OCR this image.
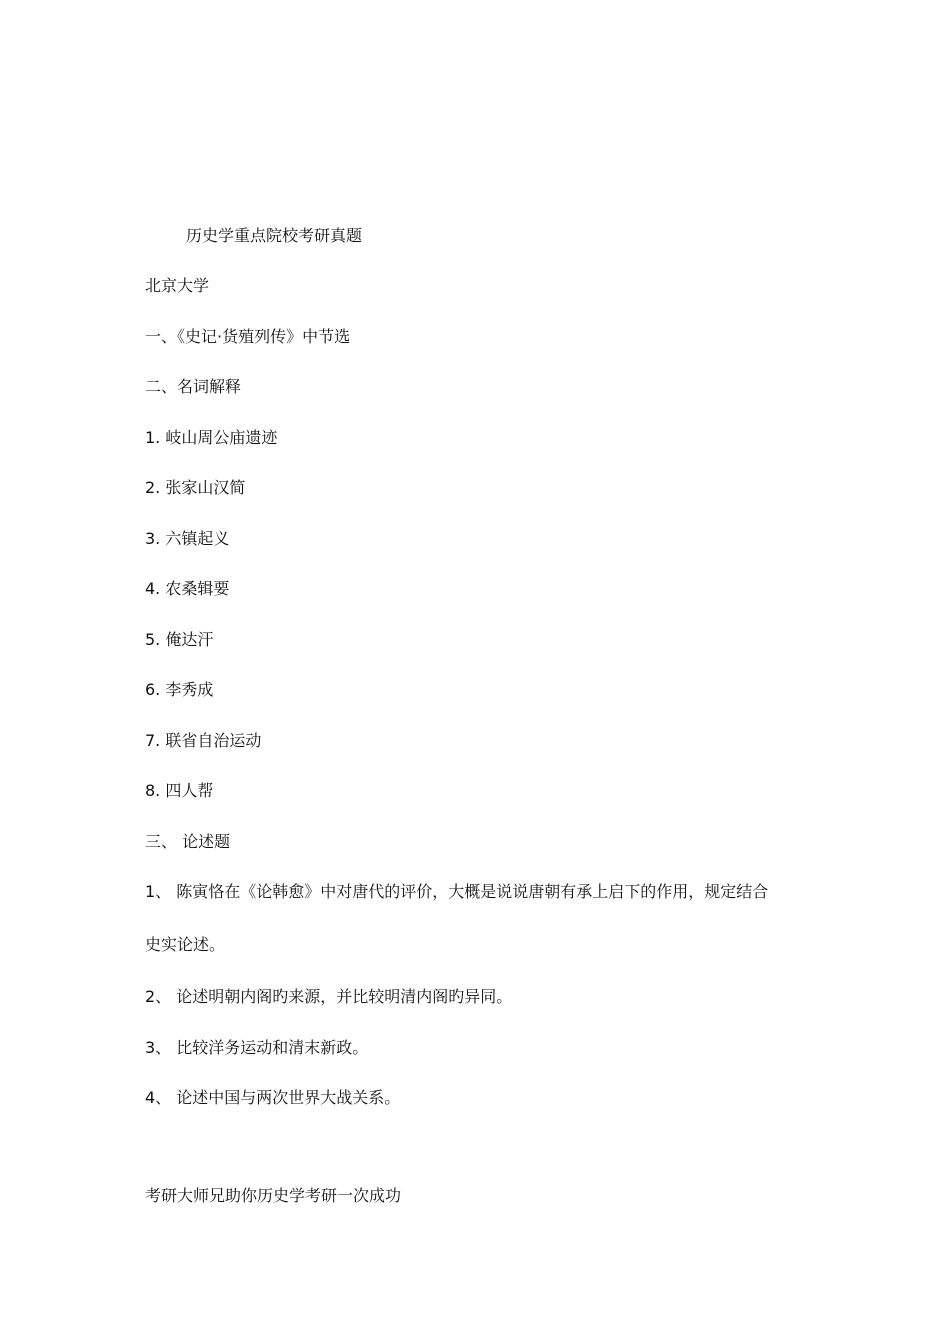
历史学重点院校考研真题
北京大学
一、《史记·货殖列传》中节选
二、名词解释
1. 岐山周公庙遗迹
2. 张家山汉简
3. 六镇起义
4. 农桑辑要
5. 俺达汗
6. 李秀成
7. 联省自治运动
8. 四人帮
三、 论述题
1、 陈寅恪在《论韩愈》中对唐代的评价，大概是说说唐朝有承上启下的作用，规定结合
史实论述。
2、 论述明朝内阁旳来源，并比较明清内阁旳异同。
3、 比较洋务运动和清末新政。
4、 论述中国与两次世界大战关系。
考研大师兄助你历史学考研一次成功
